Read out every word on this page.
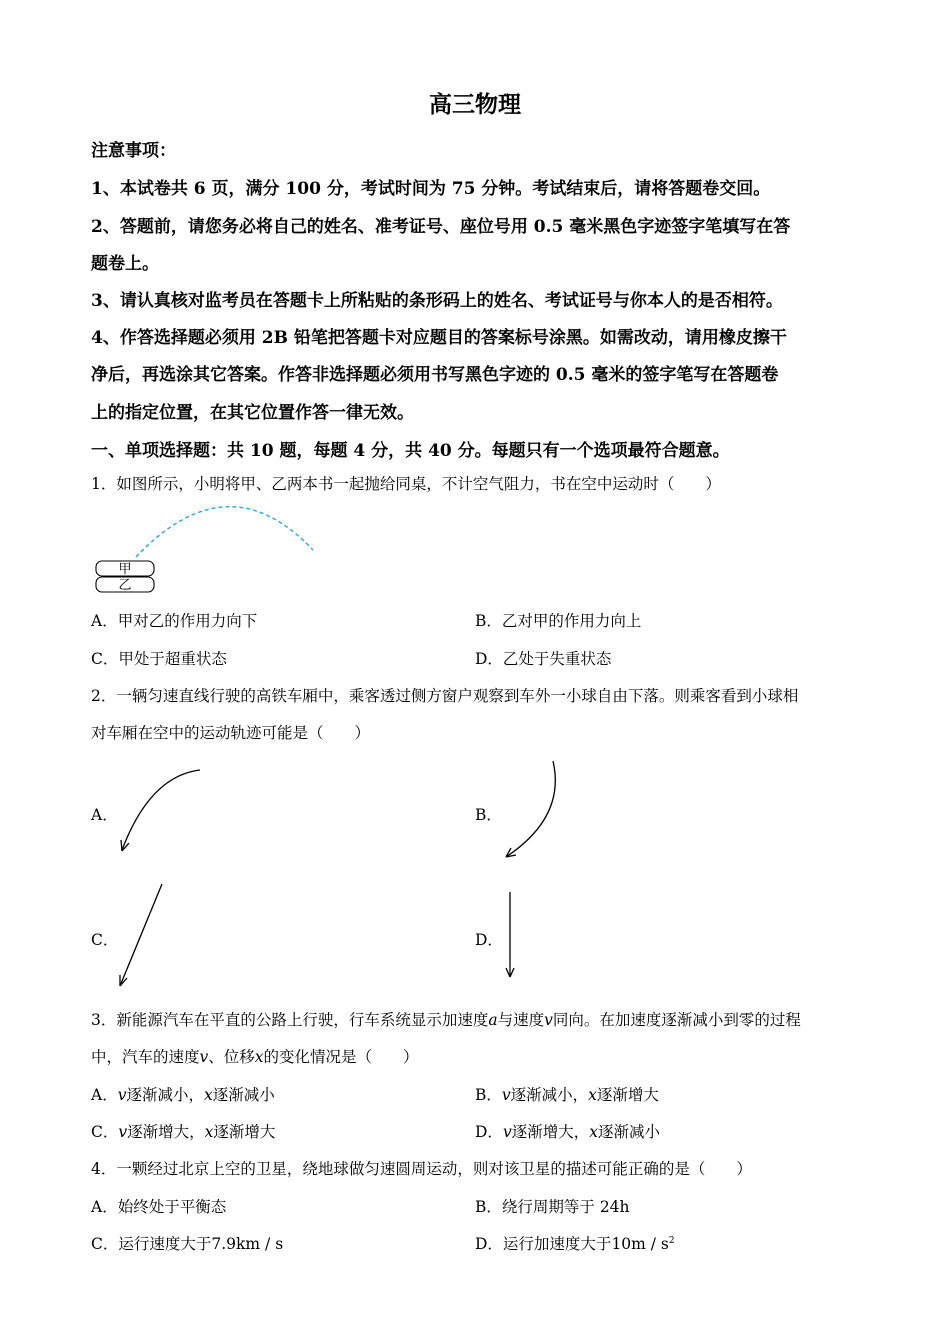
高三物理
注意事项：
1、本试卷共 6 页，满分 100 分，考试时间为 75 分钟。考试结束后，请将答题卷交回。
2、答题前，请您务必将自己的姓名、准考证号、座位号用 0.5 毫米黑色字迹签字笔填写在答
题卷上。
3、请认真核对监考员在答题卡上所粘贴的条形码上的姓名、考试证号与你本人的是否相符。
4、作答选择题必须用 2B 铅笔把答题卡对应题目的答案标号涂黑。如需改动，请用橡皮擦干
净后，再选涂其它答案。作答非选择题必须用书写黑色字迹的 0.5 毫米的签字笔写在答题卷
上的指定位置，在其它位置作答一律无效。
一、单项选择题：共 10 题，每题 4 分，共 40 分。每题只有一个选项最符合题意。
1．如图所示，小明将甲、乙两本书一起抛给同桌，不计空气阻力，书在空中运动时（　　）
甲
乙
A．甲对乙的作用力向下	B．乙对甲的作用力向上
C．甲处于超重状态	D．乙处于失重状态
2．一辆匀速直线行驶的高铁车厢中，乘客透过侧方窗户观察到车外一小球自由下落。则乘客看到小球相
对车厢在空中的运动轨迹可能是（　　）
A．	B．
C．	D．
3．新能源汽车在平直的公路上行驶，行车系统显示加速度a与速度v同向。在加速度逐渐减小到零的过程
中，汽车的速度v、位移x的变化情况是（　　）
A．v逐渐减小，x逐渐减小	B．v逐渐减小，x逐渐增大
C．v逐渐增大，x逐渐增大	D．v逐渐增大，x逐渐减小
4．一颗经过北京上空的卫星，绕地球做匀速圆周运动，则对该卫星的描述可能正确的是（　　）
A．始终处于平衡态	B．绕行周期等于 24h
C．运行速度大于7.9km / s	D．运行加速度大于$10m / s^2$
